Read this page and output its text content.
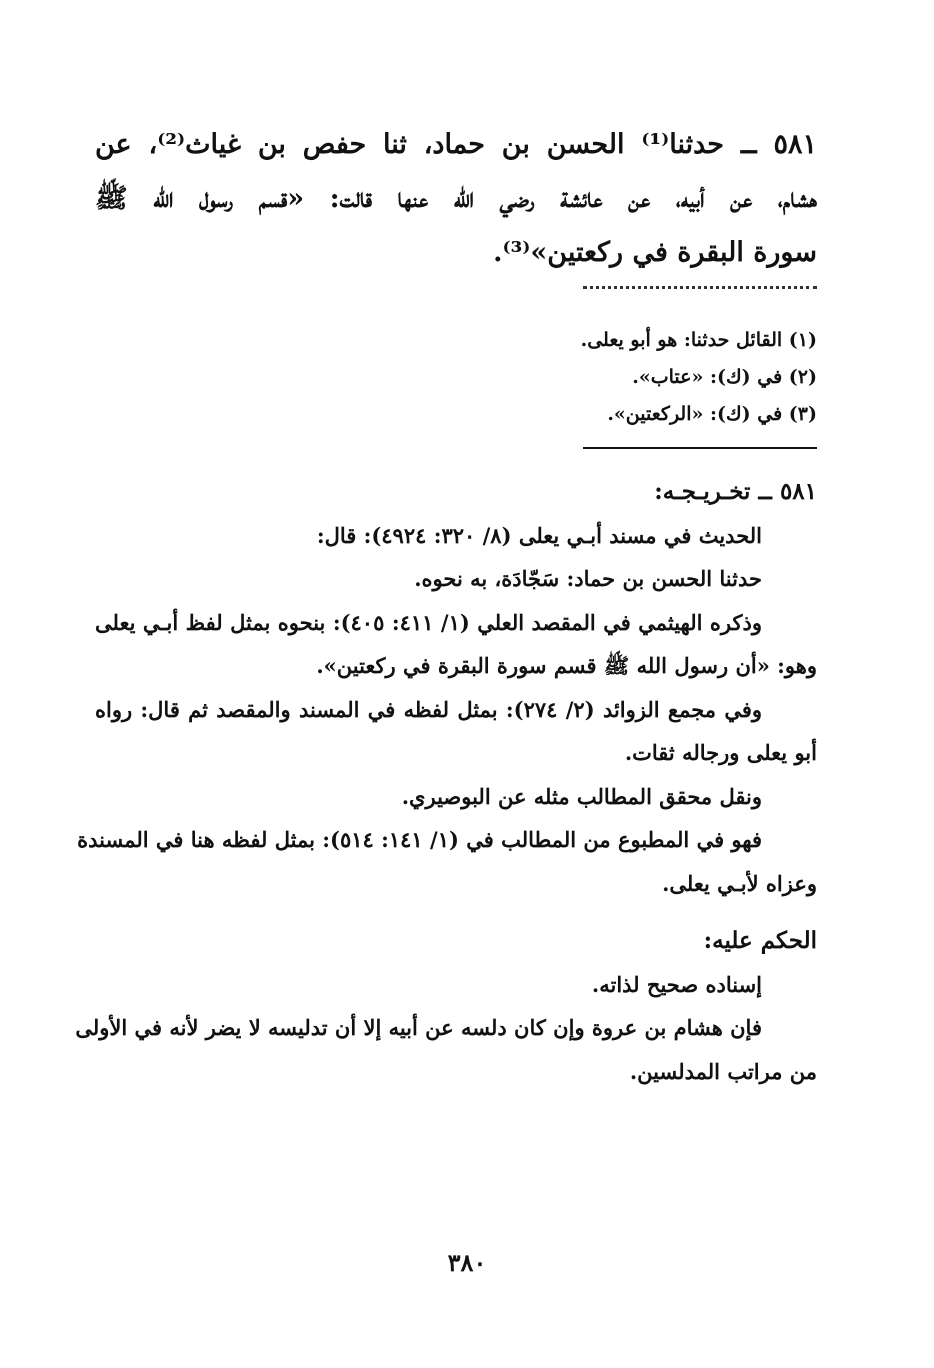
٥٨١ ــ حدثنا⁽¹⁾ الحسن بن حماد، ثنا حفص بن غياث⁽²⁾، عن
هشام، عن أبيه، عن عائشة رضي الله عنها قالت: «قسم رسول الله ﷺ
سورة البقرة في ركعتين»⁽³⁾.
(١) القائل حدثنا: هو أبو يعلى.
(٢) في (ك): «عتاب».
(٣) في (ك): «الركعتين».
٥٨١ ــ تخـريـجـه:
الحديث في مسند أبـي يعلى (٨/ ٣٢٠: ٤٩٢٤): قال:
حدثنا الحسن بن حماد: سَجّادَة، به نحوه.
وذكره الهيثمي في المقصد العلي (١/ ٤١١: ٤٠٥): بنحوه بمثل لفظ أبـي يعلى
وهو: «أن رسول الله ﷺ قسم سورة البقرة في ركعتين».
وفي مجمع الزوائد (٢/ ٢٧٤): بمثل لفظه في المسند والمقصد ثم قال: رواه
أبو يعلى ورجاله ثقات.
ونقل محقق المطالب مثله عن البوصيري.
فهو في المطبوع من المطالب في (١/ ١٤١: ٥١٤): بمثل لفظه هنا في المسندة
وعزاه لأبـي يعلى.
الحكم عليه:
إسناده صحيح لذاته.
فإن هشام بن عروة وإن كان دلسه عن أبيه إلا أن تدليسه لا يضر لأنه في الأولى
من مراتب المدلسين.
٣٨٠
